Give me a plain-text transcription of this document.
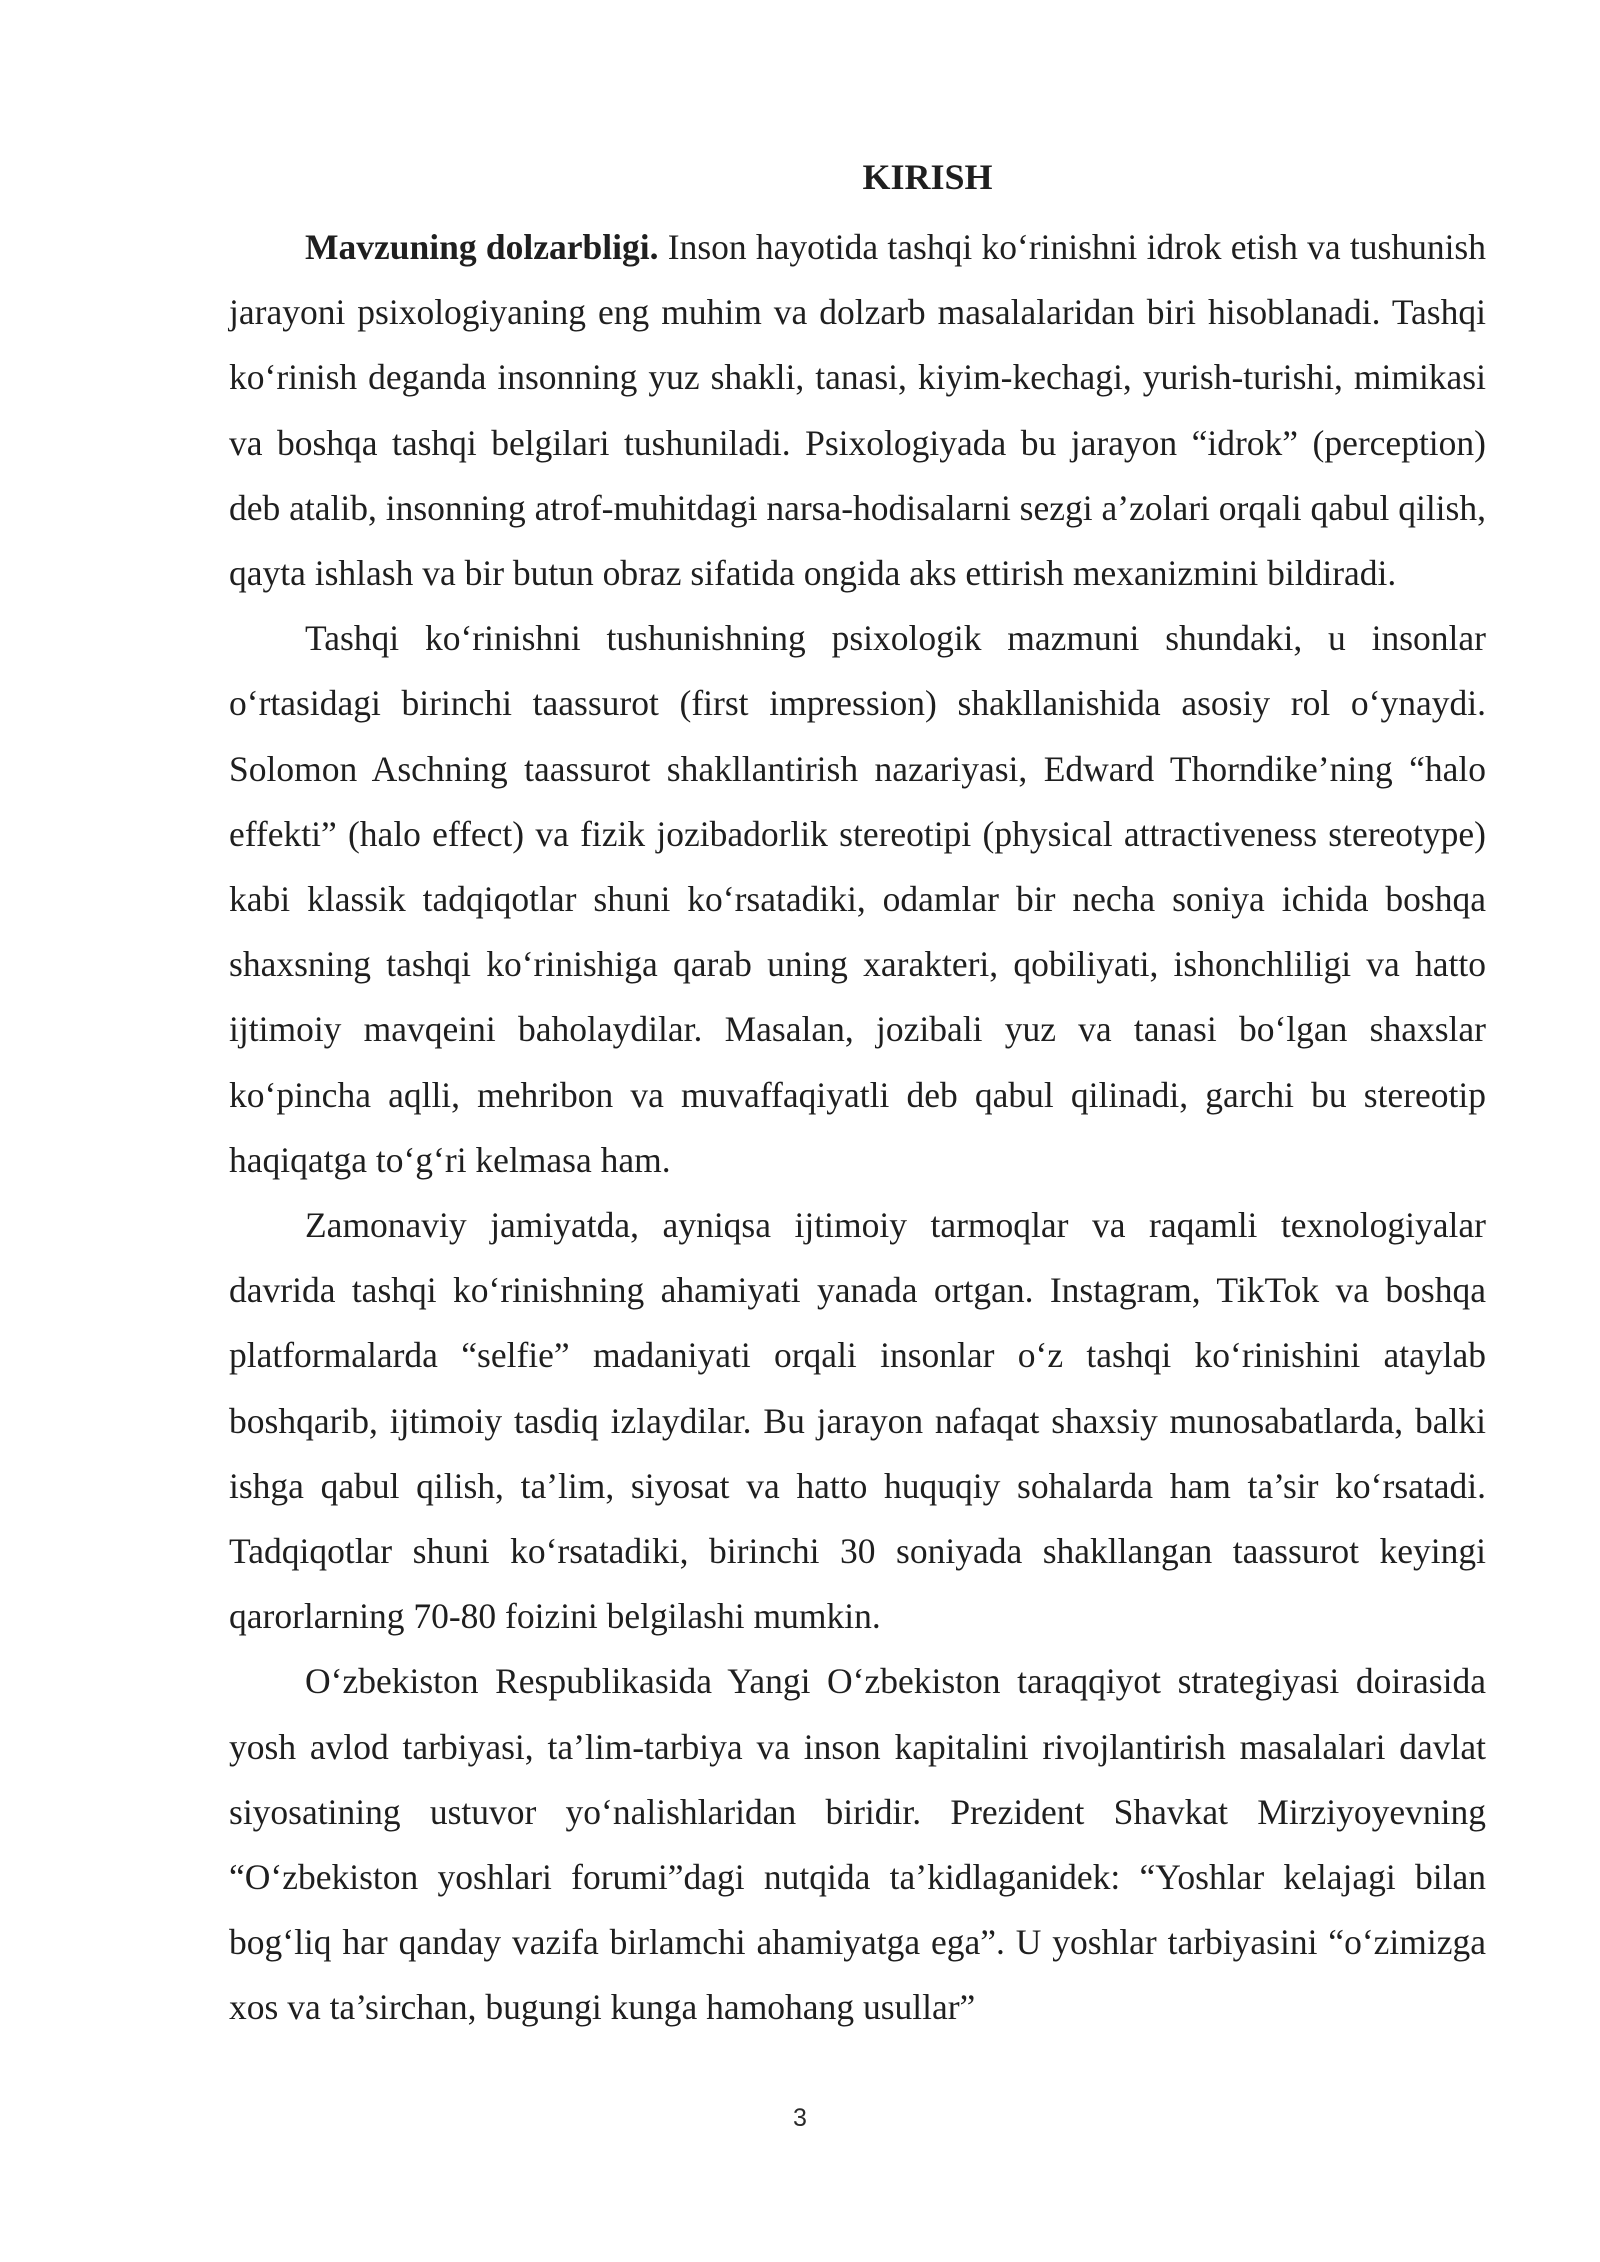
KIRISH

Mavzuning dolzarbligi. Inson hayotida tashqi ko‘rinishni idrok etish va tushunish jarayoni psixologiyaning eng muhim va dolzarb masalalaridan biri hisoblanadi. Tashqi ko‘rinish deganda insonning yuz shakli, tanasi, kiyim-kechagi, yurish-turishi, mimikasi va boshqa tashqi belgilari tushuniladi. Psixologiyada bu jarayon “idrok” (perception) deb atalib, insonning atrof-muhitdagi narsa-hodisalarni sezgi a’zolari orqali qabul qilish, qayta ishlash va bir butun obraz sifatida ongida aks ettirish mexanizmini bildiradi.

Tashqi ko‘rinishni tushunishning psixologik mazmuni shundaki, u insonlar o‘rtasidagi birinchi taassurot (first impression) shakllanishida asosiy rol o‘ynaydi. Solomon Aschning taassurot shakllantirish nazariyasi, Edward Thorndike’ning “halo effekti” (halo effect) va fizik jozibadorlik stereotipi (physical attractiveness stereotype) kabi klassik tadqiqotlar shuni ko‘rsatadiki, odamlar bir necha soniya ichida boshqa shaxsning tashqi ko‘rinishiga qarab uning xarakteri, qobiliyati, ishonchliligi va hatto ijtimoiy mavqeini baholaydilar. Masalan, jozibali yuz va tanasi bo‘lgan shaxslar ko‘pincha aqlli, mehribon va muvaffaqiyatli deb qabul qilinadi, garchi bu stereotip haqiqatga to‘g‘ri kelmasa ham.

Zamonaviy jamiyatda, ayniqsa ijtimoiy tarmoqlar va raqamli texnologiyalar davrida tashqi ko‘rinishning ahamiyati yanada ortgan. Instagram, TikTok va boshqa platformalarda “selfie” madaniyati orqali insonlar o‘z tashqi ko‘rinishini ataylab boshqarib, ijtimoiy tasdiq izlaydilar. Bu jarayon nafaqat shaxsiy munosabatlarda, balki ishga qabul qilish, ta’lim, siyosat va hatto huquqiy sohalarda ham ta’sir ko‘rsatadi. Tadqiqotlar shuni ko‘rsatadiki, birinchi 30 soniyada shakllangan taassurot keyingi qarorlarning 70-80 foizini belgilashi mumkin.

O‘zbekiston Respublikasida Yangi O‘zbekiston taraqqiyot strategiyasi doirasida yosh avlod tarbiyasi, ta’lim-tarbiya va inson kapitalini rivojlantirish masalalari davlat siyosatining ustuvor yo‘nalishlaridan biridir. Prezident Shavkat Mirziyoyevning “O‘zbekiston yoshlari forumi”dagi nutqida ta’kidlaganidek: “Yoshlar kelajagi bilan bog‘liq har qanday vazifa birlamchi ahamiyatga ega”. U yoshlar tarbiyasini “o‘zimizga xos va ta’sirchan, bugungi kunga hamohang usullar”

3
